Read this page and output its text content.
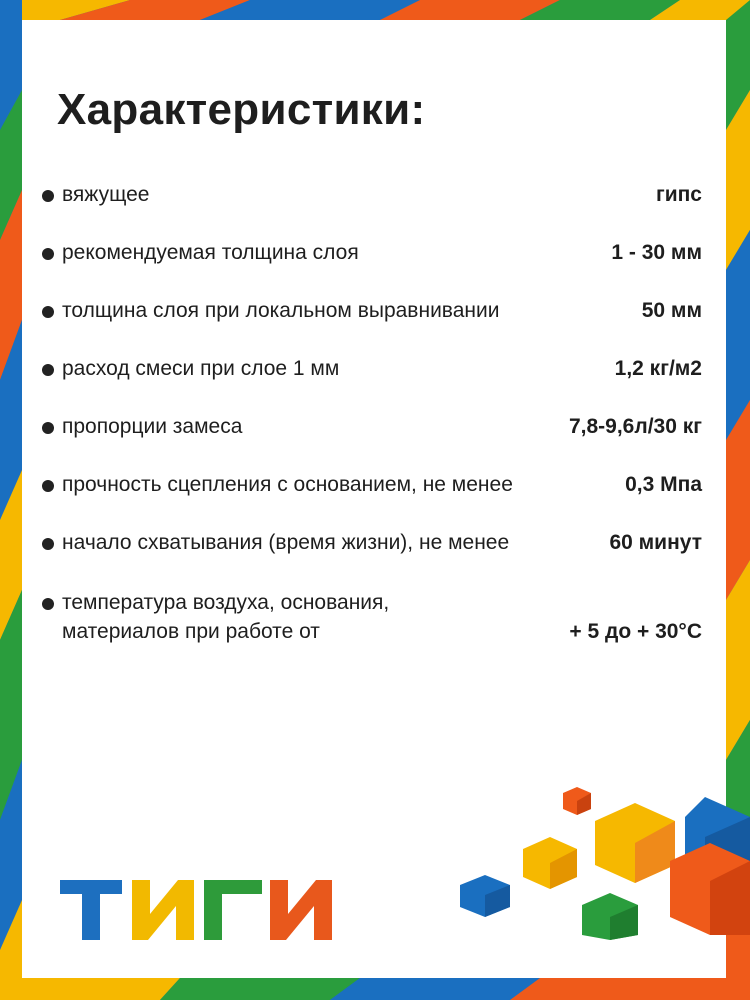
Характеристики:
вяжущее	гипс
рекомендуемая толщина слоя	1 - 30 мм
толщина слоя при локальном выравнивании	50 мм
расход смеси при слое 1 мм	1,2 кг/м2
пропорции замеса	7,8-9,6л/30 кг
прочность сцепления с основанием, не менее	0,3 Мпа
начало схватывания (время жизни), не менее	60 минут
температура воздуха, основания,
материалов при работе от	+ 5 до + 30°С
